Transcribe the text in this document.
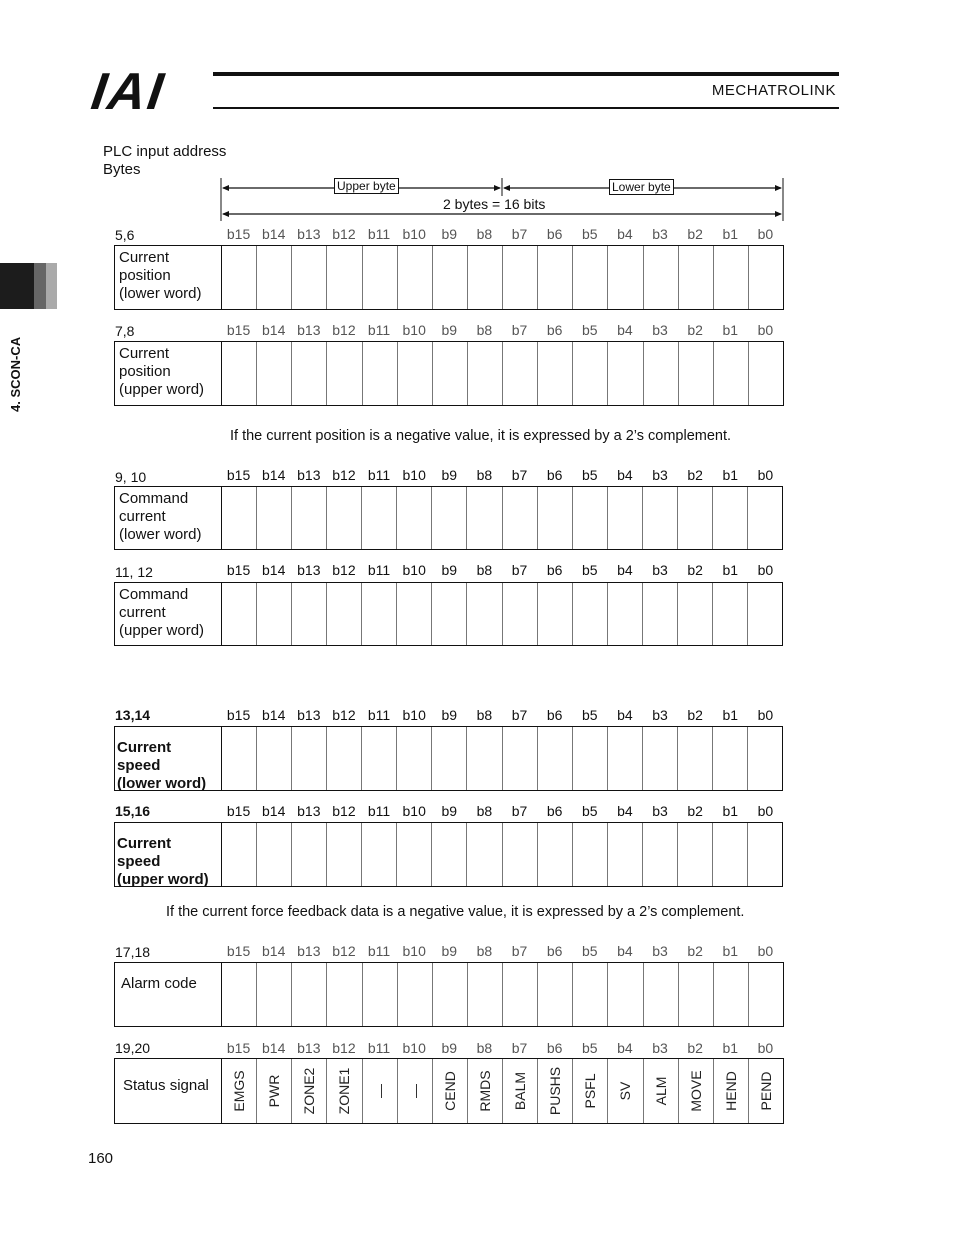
IAI	MECHATROLINK
4. SCON-CA
PLC input address
Bytes
Upper byte	Lower byte
2 bytes = 16 bits
5,6	b15 b14 b13 b12 b11 b10	b9	b8	b7	b6	b5	b4	b3	b2	b1	b0
Current
position
(lower word)
7,8	b15 b14 b13 b12 b11 b10	b9	b8	b7	b6	b5	b4	b3	b2	b1	b0
Current
position
(upper word)
If the current position is a negative value, it is expressed by a 2’s complement.
9, 10	b15 b14 b13 b12 b11 b10	b9	b8	b7	b6	b5	b4	b3	b2	b1	b0
Command
current
(lower word)
11, 12	b15 b14 b13 b12 b11 b10	b9	b8	b7	b6	b5	b4	b3	b2	b1	b0
Command
current
(upper word)
13,14	b15 b14 b13 b12 b11 b10	b9	b8	b7	b6	b5	b4	b3	b2	b1	b0
Current speed
(lower word)
15,16	b15 b14 b13 b12 b11 b10	b9	b8	b7	b6	b5	b4	b3	b2	b1	b0
Current speed
(upper word)
If the current force feedback data is a negative value, it is expressed by a 2’s complement.
17,18	b15 b14 b13 b12 b11 b10	b9	b8	b7	b6	b5	b4	b3	b2	b1	b0
Alarm code
19,20	b15 b14 b13 b12 b11 b10	b9	b8	b7	b6	b5	b4	b3	b2	b1	b0
Status signal	EMGS PWR ZONE2 ZONE1 — — CEND RMDS BALM PUSHS PSFL SV ALM MOVE HEND PEND
160
